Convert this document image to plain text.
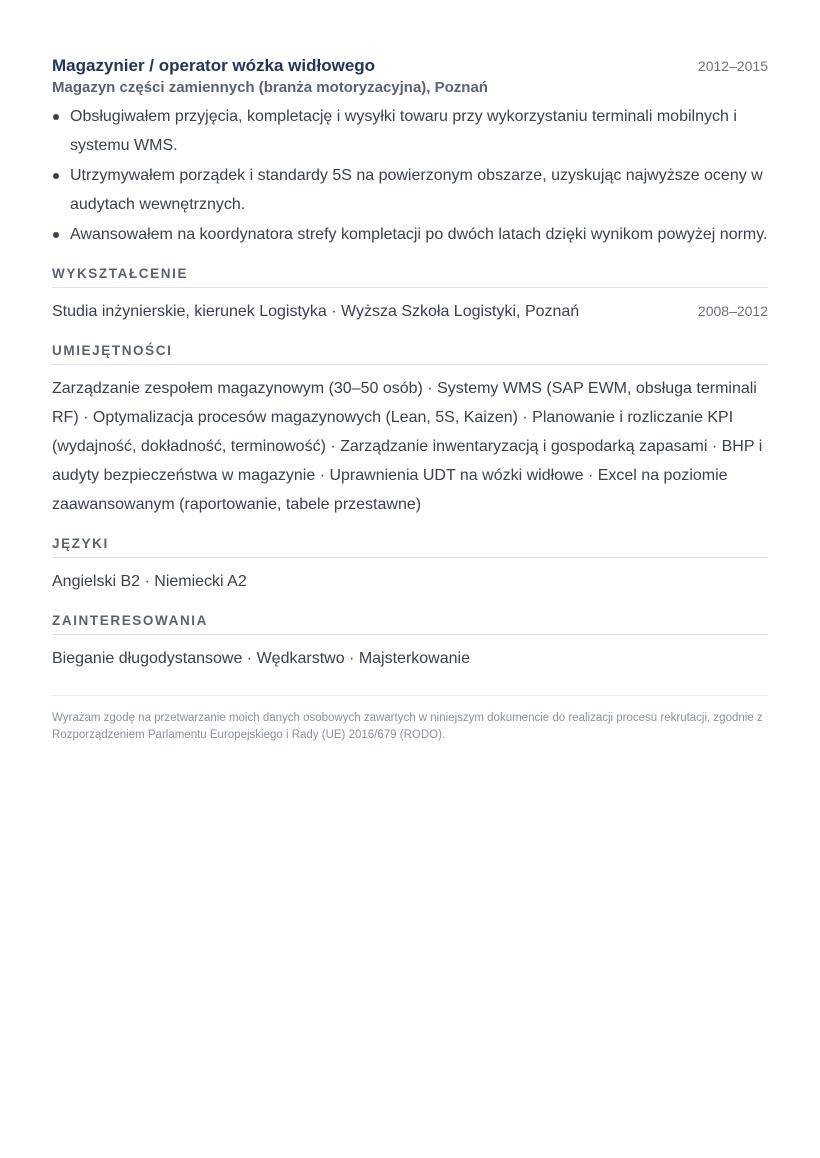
Magazynier / operator wózka widłowego	2012–2015

Magazyn części zamiennych (branża motoryzacyjna), Poznań

Obsługiwałem przyjęcia, kompletację i wysyłki towaru przy wykorzystaniu terminali mobilnych i systemu WMS.
Utrzymywałem porządek i standardy 5S na powierzonym obszarze, uzyskując najwyższe oceny w audytach wewnętrznych.
Awansowałem na koordynatora strefy kompletacji po dwóch latach dzięki wynikom powyżej normy.
WYKSZTAŁCENIE

Studia inżynierskie, kierunek Logistyka · Wyższa Szkoła Logistyki, Poznań	2008–2012
UMIEJĘTNOŚCI

Zarządzanie zespołem magazynowym (30–50 osób) · Systemy WMS (SAP EWM, obsługa terminali RF) · Optymalizacja procesów magazynowych (Lean, 5S, Kaizen) · Planowanie i rozliczanie KPI (wydajność, dokładność, terminowość) · Zarządzanie inwentaryzacją i gospodarką zapasami · BHP i audyty bezpieczeństwa w magazynie · Uprawnienia UDT na wózki widłowe · Excel na poziomie zaawansowanym (raportowanie, tabele przestawne)

JĘZYKI

Angielski B2 · Niemiecki A2

ZAINTERESOWANIA

Bieganie długodystansowe · Wędkarstwo · Majsterkowanie

Wyrażam zgodę na przetwarzanie moich danych osobowych zawartych w niniejszym dokumencie do realizacji procesu rekrutacji, zgodnie z Rozporządzeniem Parlamentu Europejskiego i Rady (UE) 2016/679 (RODO).
